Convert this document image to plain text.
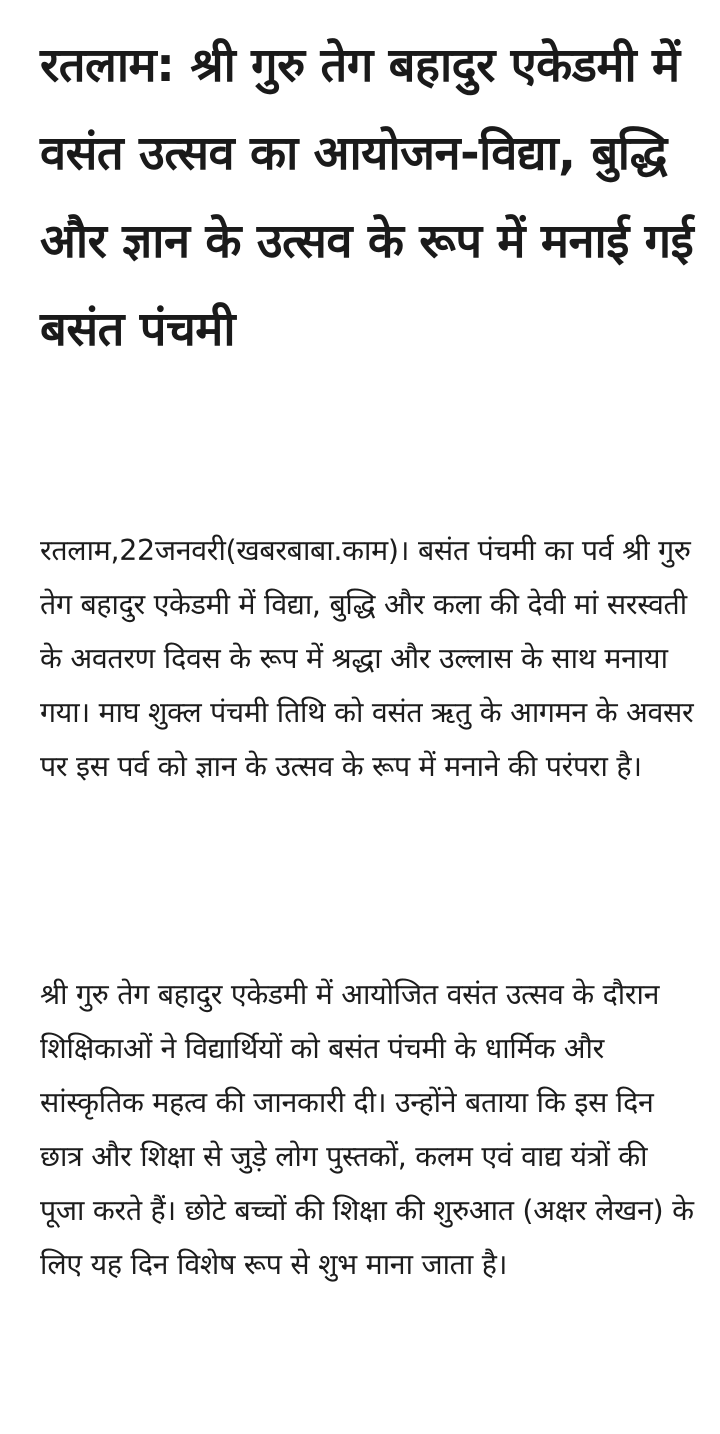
रतलाम: श्री गुरु तेग बहादुर एकेडमी में वसंत उत्सव का आयोजन-विद्या, बुद्धि और ज्ञान के उत्सव के रूप में मनाई गई बसंत पंचमी

रतलाम,22जनवरी(खबरबाबा.काम)। बसंत पंचमी का पर्व श्री गुरु तेग बहादुर एकेडमी में विद्या, बुद्धि और कला की देवी मां सरस्वती के अवतरण दिवस के रूप में श्रद्धा और उल्लास के साथ मनाया गया। माघ शुक्ल पंचमी तिथि को वसंत ऋतु के आगमन के अवसर पर इस पर्व को ज्ञान के उत्सव के रूप में मनाने की परंपरा है।

श्री गुरु तेग बहादुर एकेडमी में आयोजित वसंत उत्सव के दौरान शिक्षिकाओं ने विद्यार्थियों को बसंत पंचमी के धार्मिक और सांस्कृतिक महत्व की जानकारी दी। उन्होंने बताया कि इस दिन छात्र और शिक्षा से जुड़े लोग पुस्तकों, कलम एवं वाद्य यंत्रों की पूजा करते हैं। छोटे बच्चों की शिक्षा की शुरुआत (अक्षर लेखन) के लिए यह दिन विशेष रूप से शुभ माना जाता है।
